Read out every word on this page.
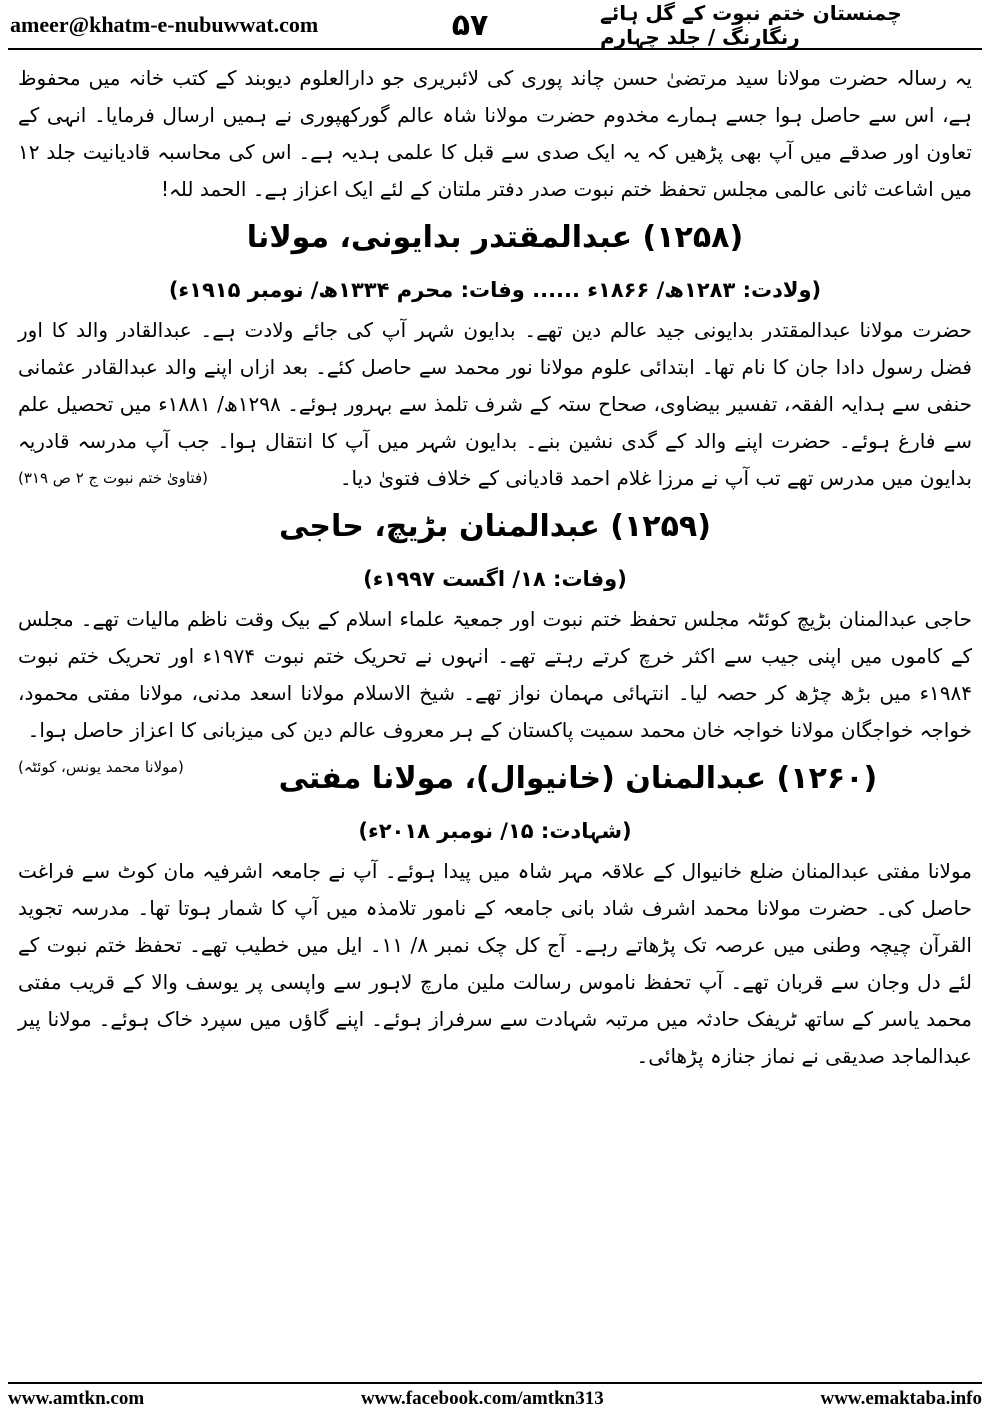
ameer@khatm-e-nubuwwat.com	۵۷	چمنستان ختم نبوت کے گل ہائے رنگارنگ / جلد چہارم

یہ رسالہ حضرت مولانا سید مرتضیٰ حسن چاند پوری کی لائبریری جو دارالعلوم دیوبند کے کتب خانہ میں محفوظ ہے، اس سے حاصل ہوا جسے ہمارے مخدوم حضرت مولانا شاہ عالم گورکھپوری نے ہمیں ارسال فرمایا۔ انہی کے تعاون اور صدقے میں آپ بھی پڑھیں کہ یہ ایک صدی سے قبل کا علمی ہدیہ ہے۔ اس کی محاسبہ قادیانیت جلد ۱۲ میں اشاعت ثانی عالمی مجلس تحفظ ختم نبوت صدر دفتر ملتان کے لئے ایک اعزاز ہے۔ الحمد للہ!

(۱۲۵۸) عبدالمقتدر بدایونی، مولانا
(ولادت: ۱۲۸۳ھ/ ۱۸۶۶ء ...... وفات: محرم ۱۳۳۴ھ/ نومبر ۱۹۱۵ء)

حضرت مولانا عبدالمقتدر بدایونی جید عالم دین تھے۔ بدایون شہر آپ کی جائے ولادت ہے۔ عبدالقادر والد کا اور فضل رسول دادا جان کا نام تھا۔ ابتدائی علوم مولانا نور محمد سے حاصل کئے۔ بعد ازاں اپنے والد عبدالقادر عثمانی حنفی سے ہدایہ الفقہ، تفسیر بیضاوی، صحاح ستہ کے شرف تلمذ سے بہرور ہوئے۔ ۱۲۹۸ھ/ ۱۸۸۱ء میں تحصیل علم سے فارغ ہوئے۔ حضرت اپنے والد کے گدی نشین بنے۔ بدایون شہر میں آپ کا انتقال ہوا۔ جب آپ مدرسہ قادریہ بدایون میں مدرس تھے تب آپ نے مرزا غلام احمد قادیانی کے خلاف فتویٰ دیا۔
(فتاویٰ ختم نبوت ج ۲ ص ۳۱۹)

(۱۲۵۹) عبدالمنان بڑیچ، حاجی
(وفات: ۱۸/ اگست ۱۹۹۷ء)

حاجی عبدالمنان بڑیچ کوئٹہ مجلس تحفظ ختم نبوت اور جمعیۃ علماء اسلام کے بیک وقت ناظم مالیات تھے۔ مجلس کے کاموں میں اپنی جیب سے اکثر خرچ کرتے رہتے تھے۔ انہوں نے تحریک ختم نبوت ۱۹۷۴ء اور تحریک ختم نبوت ۱۹۸۴ء میں بڑھ چڑھ کر حصہ لیا۔ انتہائی مہمان نواز تھے۔ شیخ الاسلام مولانا اسعد مدنی، مولانا مفتی محمود، خواجہ خواجگان مولانا خواجہ خان محمد سمیت پاکستان کے ہر معروف عالم دین کی میزبانی کا اعزاز حاصل ہوا۔
(مولانا محمد یونس، کوئٹہ)	(۱۲۶۰) عبدالمنان (خانیوال)، مولانا مفتی
(شہادت: ۱۵/ نومبر ۲۰۱۸ء)

مولانا مفتی عبدالمنان ضلع خانیوال کے علاقہ مہر شاہ میں پیدا ہوئے۔ آپ نے جامعہ اشرفیہ مان کوٹ سے فراغت حاصل کی۔ حضرت مولانا محمد اشرف شاد بانی جامعہ کے نامور تلامذہ میں آپ کا شمار ہوتا تھا۔ مدرسہ تجوید القرآن چیچہ وطنی میں عرصہ تک پڑھاتے رہے۔ آج کل چک نمبر ۸/ ۱۱۔ ایل میں خطیب تھے۔ تحفظ ختم نبوت کے لئے دل وجان سے قربان تھے۔ آپ تحفظ ناموس رسالت ملین مارچ لاہور سے واپسی پر یوسف والا کے قریب مفتی محمد یاسر کے ساتھ ٹریفک حادثہ میں مرتبہ شہادت سے سرفراز ہوئے۔ اپنے گاؤں میں سپرد خاک ہوئے۔ مولانا پیر عبدالماجد صدیقی نے نماز جنازہ پڑھائی۔

www.amtkn.com	www.facebook.com/amtkn313	www.emaktaba.info
